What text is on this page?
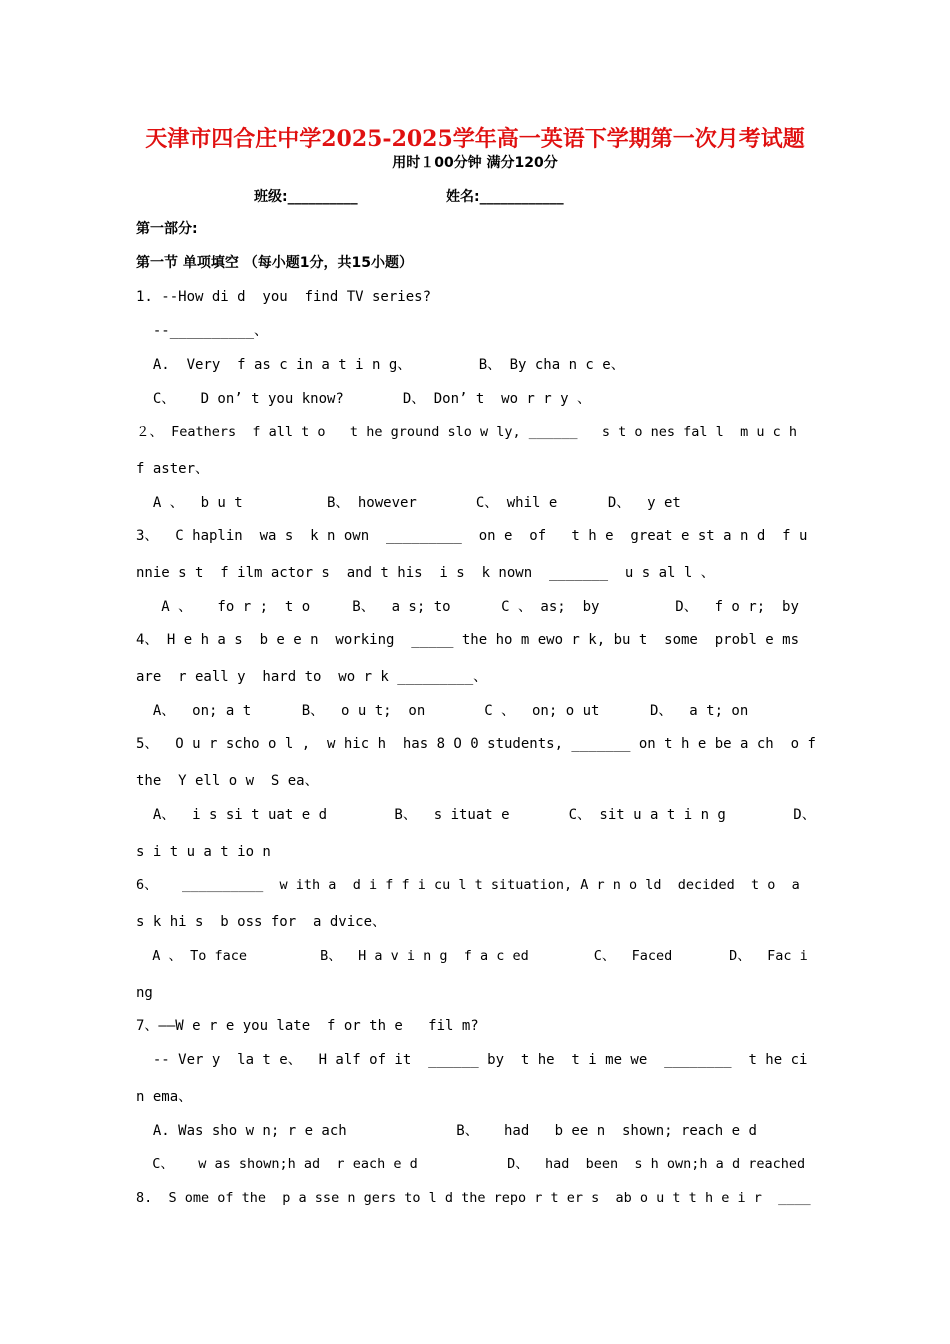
天津市四合庄中学2025-2025学年高一英语下学期第一次月考试题
用时１00分钟 满分120分
班级:__________	姓名:____________
第一部分:
第一节 单项填空 （每小题1分，共15小题）
1. --How di d  you  find TV series?
--__________、
A.  Very  f as c in a t i n g、        B、 By cha n c e、
C、   D on’ t you know?       D、 Don’ t  wo r r y 、
２、 Feathers  f all t o   t he ground slo w ly, ______   s t o nes fal l  m u c h
f aster、
A 、  b u t          B、 however       C、 whil e      D、  y et
3、  C haplin  wa s  k n own  _________  on e  of   t h e  great e st a n d  f u
nnie s t  f ilm actor s  and t his  i s  k nown  _______  u s al l 、
A 、   fo r ;  t o     B、  a s; to      C 、 as;  by         D、  f o r;  by
4、 H e h a s  b e e n  working  _____ the ho m ewo r k, bu t  some  probl e ms
are  r eall y  hard to  wo r k _________、
A、  on; a t      B、  o u t;  on       C 、  on; o ut      D、  a t; on
5、  O u r scho o l ,  w hic h  has 8 O 0 students, _______ on t h e be a ch  o f
the  Y ell o w  S ea、
A、  i s si t uat e d        B、  s ituat e       C、 sit u a t i n g        D、
s i t u a t io n
6、   __________  w ith a  d i f f i cu l t situation, A r n o ld  decided  t o  a
s k hi s  b oss for  a dvice、
A 、 To face         B、  H a v i n g  f a c ed        C、  Faced       D、  Fac i
ng
7、——W e r e you late  f or th e   fil m?
-- Ver y  la t e、  H alf of it  ______ by  t he  t i me we  ________  t he ci
n ema、
A. Was sho w n; r e ach             B、   had   b ee n  shown; reach e d
C、   w as shown;h ad  r each e d           D、  had  been  s h own;h a d reached
8.  S ome of the  p a sse n gers to l d the repo r t er s  ab o u t t h e i r  ____
